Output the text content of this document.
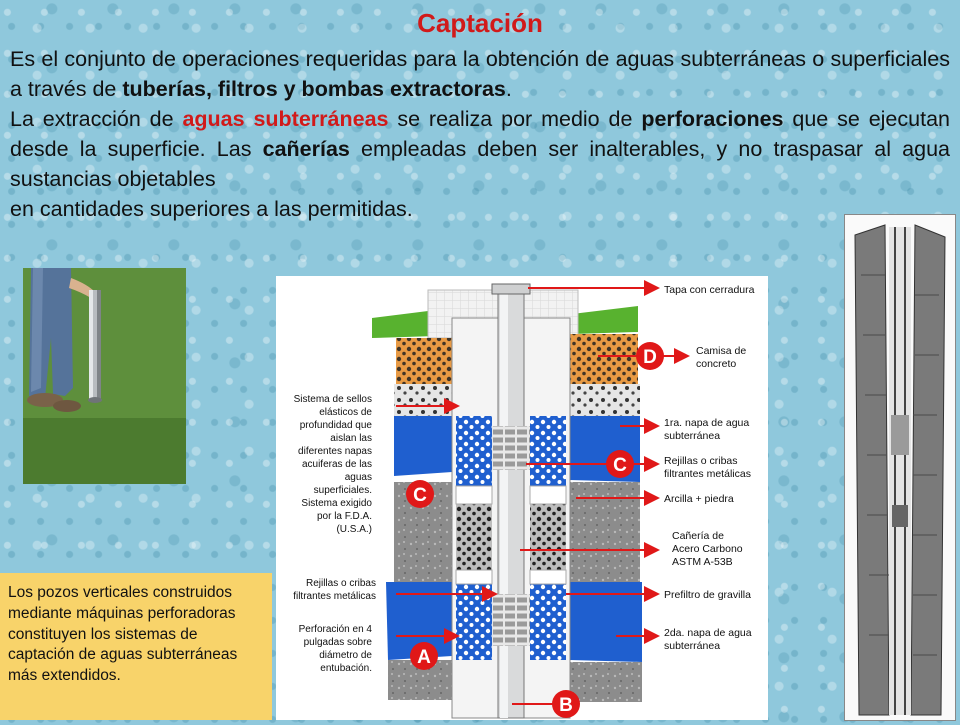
Captación

Es el conjunto de operaciones requeridas para la obtención de aguas subterráneas o superficiales a través de tuberías, filtros y bombas extractoras.

La extracción de aguas subterráneas se realiza por medio de perforaciones que se ejecutan desde la superficie. Las cañerías empleadas deben ser inalterables, y no traspasar al agua sustancias objetables

en cantidades superiores a las permitidas.

Los pozos verticales construidos mediante máquinas perforadoras constituyen los sistemas de captación de aguas subterráneas más extendidos.
D
C
C
A
B
Tapa con cerradura
Camisa de
concreto
1ra. napa de agua
subterránea
Rejillas o cribas
filtrantes metálicas
Arcilla + piedra
Cañería de
Acero Carbono
ASTM A-53B
Prefiltro de gravilla
2da. napa de agua
subterránea
Sistema de sellos
elásticos de
profundidad que
aislan las
diferentes napas
acuiferas de las
aguas
superficiales.
Sistema exigido
por la F.D.A.
(U.S.A.)
Rejillas o cribas
filtrantes metálicas
Perforación en 4
pulgadas sobre
diámetro de
entubación.
